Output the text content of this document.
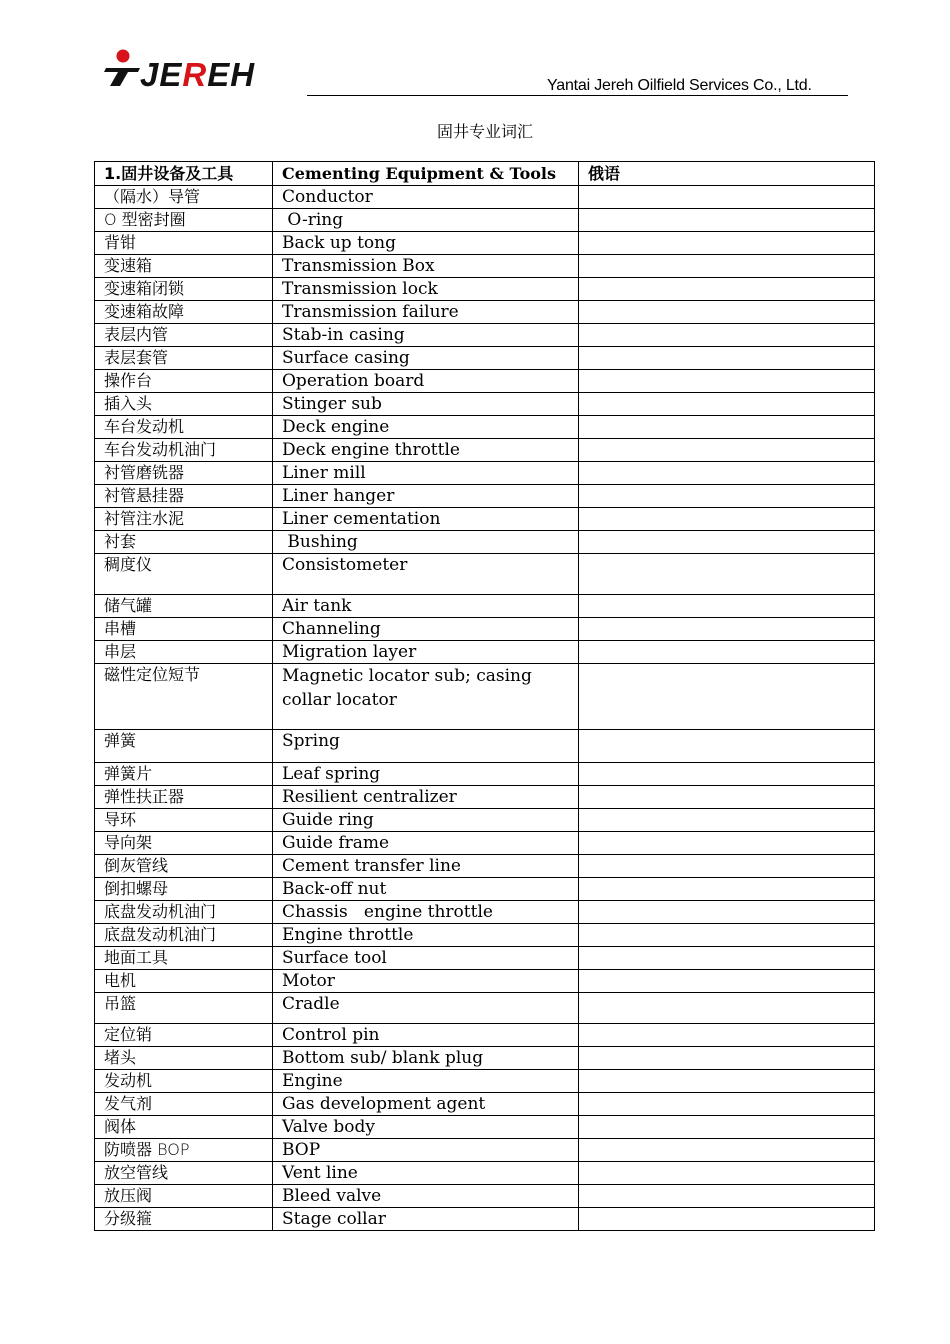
JEREH	Yantai Jereh Oilfield Services Co., Ltd.
固井专业词汇
1.固井设备及工具	Cementing Equipment & Tools	俄语
（隔水）导管	Conductor	
O 型密封圈	O-ring	
背钳	Back up tong	
变速箱	Transmission Box	
变速箱闭锁	Transmission lock	
变速箱故障	Transmission failure	
表层内管	Stab-in casing	
表层套管	Surface casing	
操作台	Operation board	
插入头	Stinger sub	
车台发动机	Deck engine	
车台发动机油门	Deck engine throttle	
衬管磨铣器	Liner mill	
衬管悬挂器	Liner hanger	
衬管注水泥	Liner cementation	
衬套	Bushing	
稠度仪	Consistometer	
储气罐	Air tank	
串槽	Channeling	
串层	Migration layer	
磁性定位短节	Magnetic locator sub; casing collar locator	
弹簧	Spring	
弹簧片	Leaf spring	
弹性扶正器	Resilient centralizer	
导环	Guide ring	
导向架	Guide frame	
倒灰管线	Cement transfer line	
倒扣螺母	Back-off nut	
底盘发动机油门	Chassis   engine throttle	
底盘发动机油门	Engine throttle	
地面工具	Surface tool	
电机	Motor	
吊篮	Cradle	
定位销	Control pin	
堵头	Bottom sub/ blank plug	
发动机	Engine	
发气剂	Gas development agent	
阀体	Valve body	
防喷器 BOP	BOP	
放空管线	Vent line	
放压阀	Bleed valve	
分级箍	Stage collar	
